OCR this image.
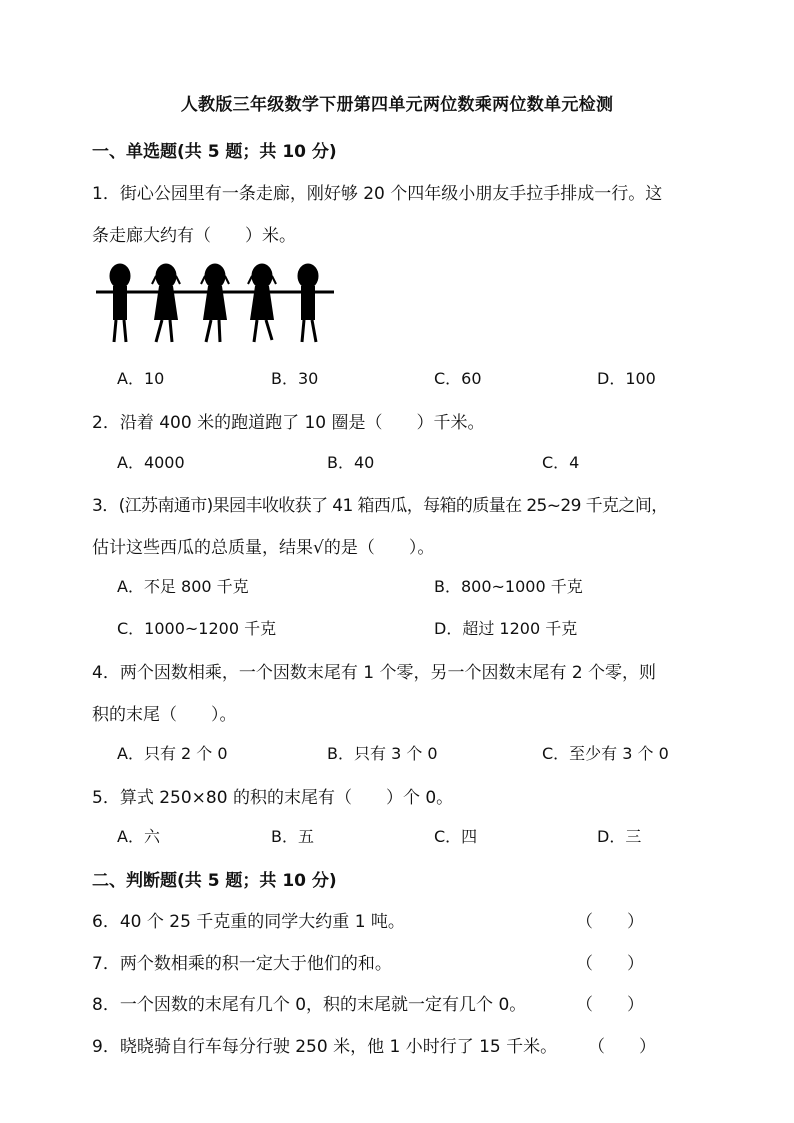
人教版三年级数学下册第四单元两位数乘两位数单元检测
一、单选题(共 5 题；共 10 分)
1．街心公园里有一条走廊，刚好够 20 个四年级小朋友手拉手排成一行。这
条走廊大约有（　　）米。
A．10	B．30	C．60	D．100
2．沿着 400 米的跑道跑了 10 圈是（　　）千米。
A．4000	B．40	C．4
3．(江苏南通市)果园丰收收获了 41 箱西瓜，每箱的质量在 25~29 千克之间，
估计这些西瓜的总质量，结果√的是（　　）。
A．不足 800 千克	B．800~1000 千克
C．1000~1200 千克	D．超过 1200 千克
4．两个因数相乘，一个因数末尾有 1 个零，另一个因数末尾有 2 个零，则
积的末尾（　　）。
A．只有 2 个 0	B．只有 3 个 0	C．至少有 3 个 0
5．算式 250×80 的积的末尾有（　　）个 0。
A．六	B．五	C．四	D．三
二、判断题(共 5 题；共 10 分)
6．40 个 25 千克重的同学大约重 1 吨。	（　　）
7．两个数相乘的积一定大于他们的和。	（　　）
8．一个因数的末尾有几个 0，积的末尾就一定有几个 0。	（　　）
9．晓晓骑自行车每分行驶 250 米，他 1 小时行了 15 千米。 （　　）
